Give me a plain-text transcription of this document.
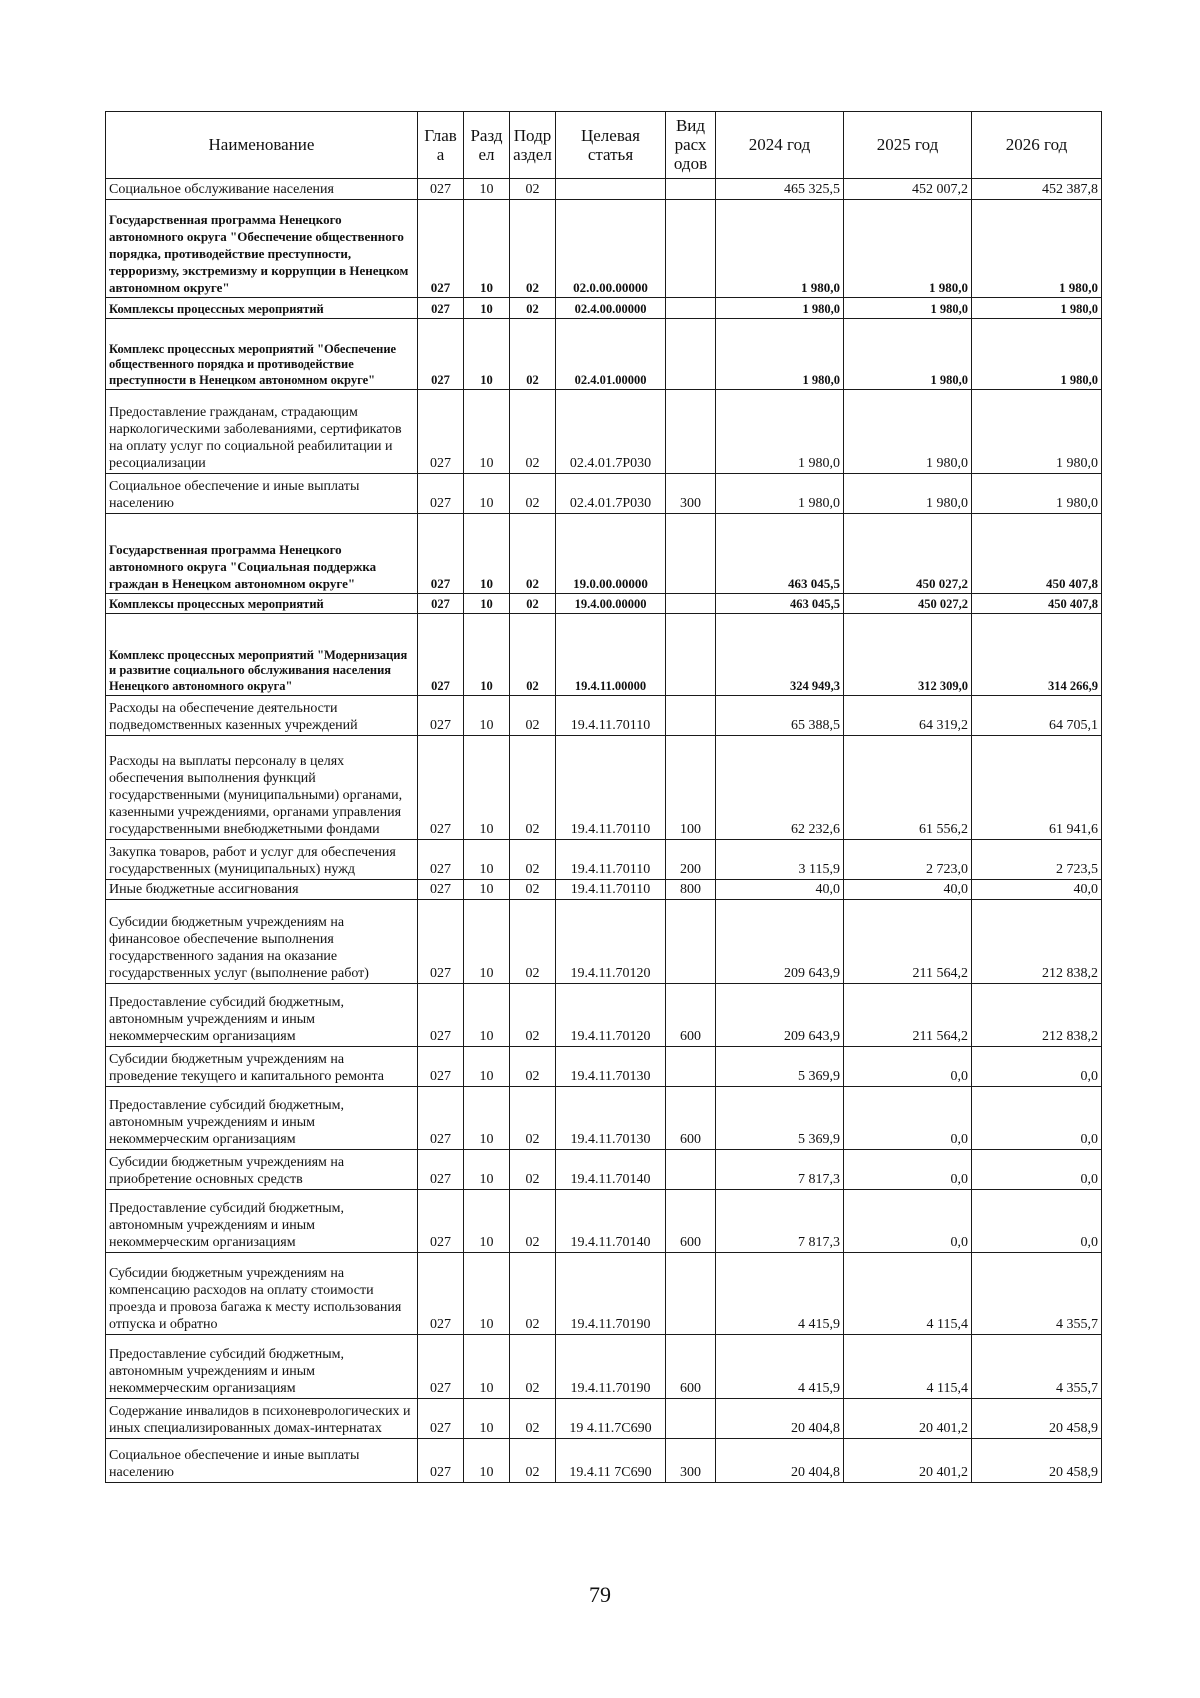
Наименование	Глав а	Разд ел	Подр аздел	Целевая статья	Вид расх одов	2024 год	2025 год	2026 год
Социальное обслуживание населения	027	10	02			465 325,5	452 007,2	452 387,8
Государственная программа Ненецкого автономного округа "Обеспечение общественного порядка, противодействие преступности, терроризму, экстремизму и коррупции в Ненецком автономном округе"	027	10	02	02.0.00.00000		1 980,0	1 980,0	1 980,0
Комплексы процессных мероприятий	027	10	02	02.4.00.00000		1 980,0	1 980,0	1 980,0
Комплекс процессных мероприятий "Обеспечение общественного порядка и противодействие преступности в Ненецком автономном округе"	027	10	02	02.4.01.00000		1 980,0	1 980,0	1 980,0
Предоставление гражданам, страдающим наркологическими заболеваниями, сертификатов на оплату услуг по социальной реабилитации и ресоциализации	027	10	02	02.4.01.7Р030		1 980,0	1 980,0	1 980,0
Социальное обеспечение и иные выплаты населению	027	10	02	02.4.01.7Р030	300	1 980,0	1 980,0	1 980,0
Государственная программа Ненецкого автономного округа "Социальная поддержка граждан в Ненецком автономном округе"	027	10	02	19.0.00.00000		463 045,5	450 027,2	450 407,8
Комплексы процессных мероприятий	027	10	02	19.4.00.00000		463 045,5	450 027,2	450 407,8
Комплекс процессных мероприятий "Модернизация и развитие социального обслуживания населения Ненецкого автономного округа"	027	10	02	19.4.11.00000		324 949,3	312 309,0	314 266,9
Расходы на обеспечение деятельности подведомственных казенных учреждений	027	10	02	19.4.11.70110		65 388,5	64 319,2	64 705,1
Расходы на выплаты персоналу в целях обеспечения выполнения функций государственными (муниципальными) органами, казенными учреждениями, органами управления государственными внебюджетными фондами	027	10	02	19.4.11.70110	100	62 232,6	61 556,2	61 941,6
Закупка товаров, работ и услуг для обеспечения государственных (муниципальных) нужд	027	10	02	19.4.11.70110	200	3 115,9	2 723,0	2 723,5
Иные бюджетные ассигнования	027	10	02	19.4.11.70110	800	40,0	40,0	40,0
Субсидии бюджетным учреждениям на финансовое обеспечение выполнения государственного задания на оказание государственных услуг (выполнение работ)	027	10	02	19.4.11.70120		209 643,9	211 564,2	212 838,2
Предоставление субсидий бюджетным, автономным учреждениям и иным некоммерческим организациям	027	10	02	19.4.11.70120	600	209 643,9	211 564,2	212 838,2
Субсидии бюджетным учреждениям на проведение текущего и капитального ремонта	027	10	02	19.4.11.70130		5 369,9	0,0	0,0
Предоставление субсидий бюджетным, автономным учреждениям и иным некоммерческим организациям	027	10	02	19.4.11.70130	600	5 369,9	0,0	0,0
Субсидии бюджетным учреждениям на приобретение основных средств	027	10	02	19.4.11.70140		7 817,3	0,0	0,0
Предоставление субсидий бюджетным, автономным учреждениям и иным некоммерческим организациям	027	10	02	19.4.11.70140	600	7 817,3	0,0	0,0
Субсидии бюджетным учреждениям на компенсацию расходов на оплату стоимости проезда и провоза багажа к месту использования отпуска и обратно	027	10	02	19.4.11.70190		4 415,9	4 115,4	4 355,7
Предоставление субсидий бюджетным, автономным учреждениям и иным некоммерческим организациям	027	10	02	19.4.11.70190	600	4 415,9	4 115,4	4 355,7
Содержание инвалидов в психоневрологических и иных специализированных домах-интернатах	027	10	02	19 4.11.7С690		20 404,8	20 401,2	20 458,9
Социальное обеспечение и иные выплаты населению	027	10	02	19.4.11 7С690	300	20 404,8	20 401,2	20 458,9
79
